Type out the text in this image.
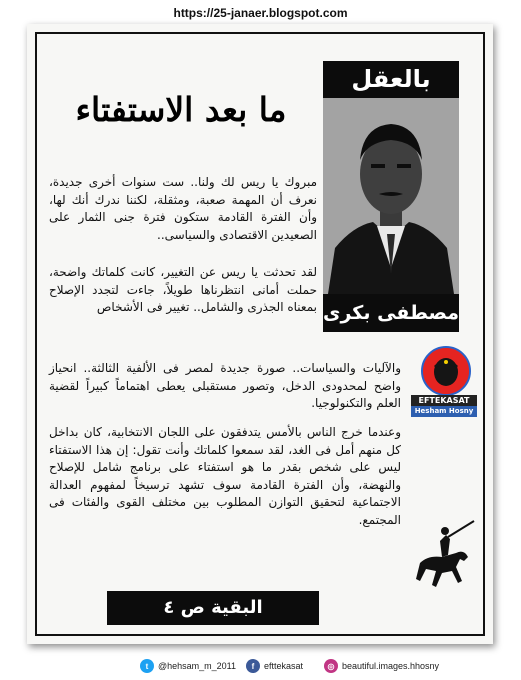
https://25-janaer.blogspot.com
بالعقل
مصطفى بكرى
ما بعد الاستفتاء

مبروك يا ريس لك ولنا.. ست سنوات أخرى جديدة، نعرف أن المهمة صعبة، ومثقلة، لكننا ندرك أنك لها، وأن الفترة القادمة ستكون فترة جنى الثمار على الصعيدين الاقتصادى والسياسى..

لقد تحدثت يا ريس عن التغيير، كانت كلماتك واضحة، حملت أمانى انتظرناها طويلاً، جاءت لتجدد الإصلاح بمعناه الجذرى والشامل.. تغيير فى الأشخاص

والآليات والسياسات.. صورة جديدة لمصر فى الألفية الثالثة.. انحياز واضح لمحدودى الدخل، وتصور مستقبلى يعطى اهتماماً كبيراً لقضية العلم والتكنولوجيا.

وعندما خرج الناس بالأمس يتدفقون على اللجان الانتخابية، كان بداخل كل منهم أمل فى الغد، لقد سمعوا كلماتك وأنت تقول: إن هذا الاستفتاء ليس على شخص بقدر ما هو استفتاء على برنامج شامل للإصلاح والنهضة، وأن الفترة القادمة سوف تشهد ترسيخاً لمفهوم العدالة الاجتماعية لتحقيق التوازن المطلوب بين مختلف القوى والفئات فى المجتمع.

EFTEKASAT
Hesham Hosny
البقية ص ٤
t	@hehsam_m_2011	f	efttekasat	◎ beautiful.images.hhosny
